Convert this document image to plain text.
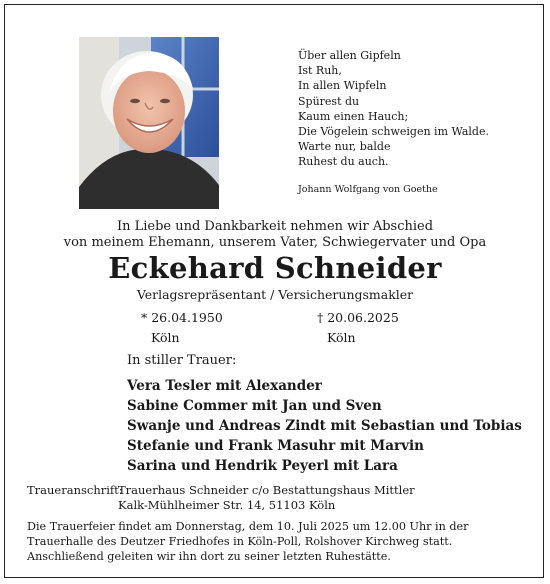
Über allen Gipfeln
Ist Ruh,
In allen Wipfeln
Spürest du
Kaum einen Hauch;
Die Vögelein schweigen im Walde.
Warte nur, balde
Ruhest du auch.
Johann Wolfgang von Goethe
In Liebe und Dankbarkeit nehmen wir Abschied
von meinem Ehemann, unserem Vater, Schwiegervater und Opa
Eckehard Schneider
Verlagsrepräsentant / Versicherungsmakler
* 26.04.1950
Köln
† 20.06.2025
Köln
In stiller Trauer:
Vera Tesler mit Alexander
Sabine Commer mit Jan und Sven
Swanje und Andreas Zindt mit Sebastian und Tobias
Stefanie und Frank Masuhr mit Marvin
Sarina und Hendrik Peyerl mit Lara
Traueranschrift:
Trauerhaus Schneider c/o Bestattungshaus Mittler
Kalk-Mühlheimer Str. 14, 51103 Köln
Die Trauerfeier findet am Donnerstag, dem 10. Juli 2025 um 12.00 Uhr in der Trauerhalle des Deutzer Friedhofes in Köln-Poll, Rolshover Kirchweg statt. Anschließend geleiten wir ihn dort zu seiner letzten Ruhestätte.
